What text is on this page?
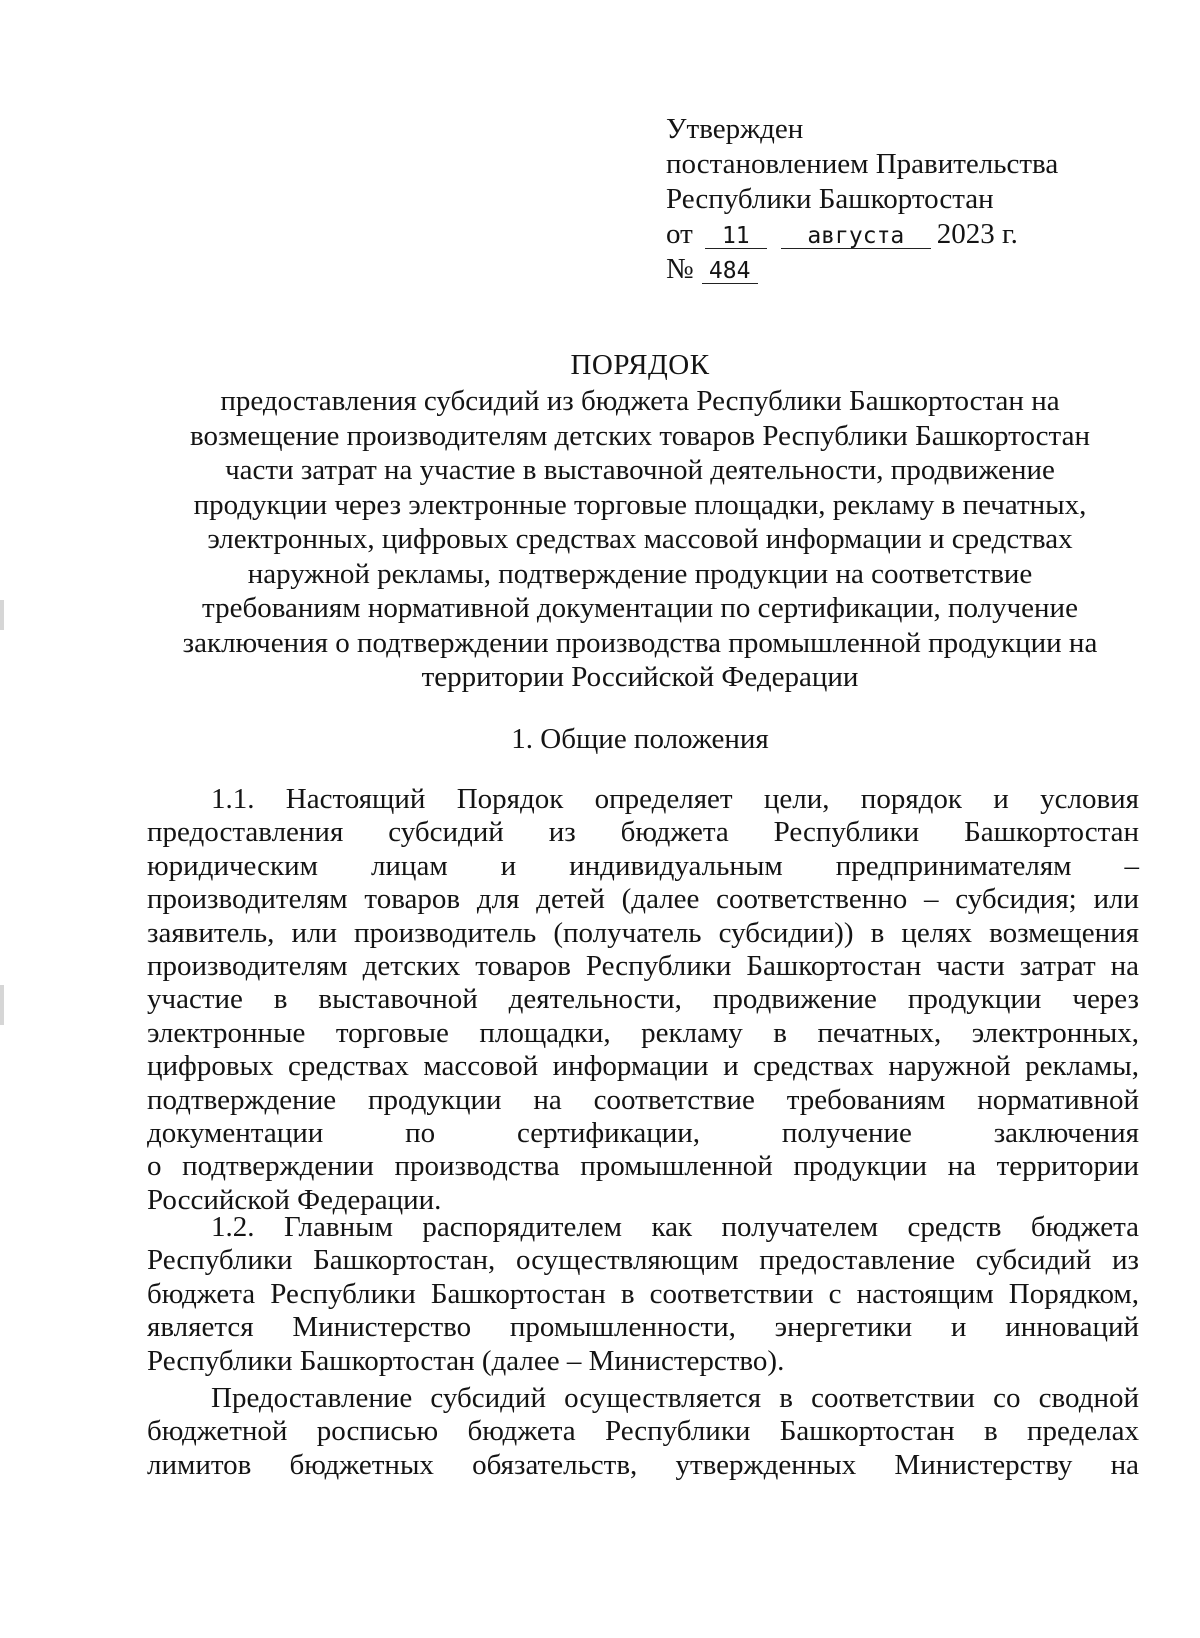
Утвержден
постановлением Правительства
Республики Башкортостан
от 11	августа 2023 г.
№ 484
ПОРЯДОК
предоставления субсидий из бюджета Республики Башкортостан на
возмещение производителям детских товаров Республики Башкортостан
части затрат на участие в выставочной деятельности, продвижение
продукции через электронные торговые площадки, рекламу в печатных,
электронных, цифровых средствах массовой информации и средствах
наружной рекламы, подтверждение продукции на соответствие
требованиям нормативной документации по сертификации, получение
заключения о подтверждении производства промышленной продукции на
территории Российской Федерации
1. Общие положения
1.1. Настоящий Порядок определяет цели, порядок и условия
предоставления субсидий из бюджета Республики Башкортостан
юридическим лицам и индивидуальным предпринимателям –
производителям товаров для детей (далее соответственно – субсидия; или
заявитель, или производитель (получатель субсидии)) в целях возмещения
производителям детских товаров Республики Башкортостан части затрат на
участие в выставочной деятельности, продвижение продукции через
электронные торговые площадки, рекламу в печатных, электронных,
цифровых средствах массовой информации и средствах наружной рекламы,
подтверждение продукции на соответствие требованиям нормативной
документации по сертификации, получение заключения
о подтверждении производства промышленной продукции на территории
Российской Федерации.
1.2. Главным распорядителем как получателем средств бюджета
Республики Башкортостан, осуществляющим предоставление субсидий из
бюджета Республики Башкортостан в соответствии с настоящим Порядком,
является Министерство промышленности, энергетики и инноваций
Республики Башкортостан (далее – Министерство).
Предоставление субсидий осуществляется в соответствии со сводной
бюджетной росписью бюджета Республики Башкортостан в пределах
лимитов бюджетных обязательств, утвержденных Министерству на
